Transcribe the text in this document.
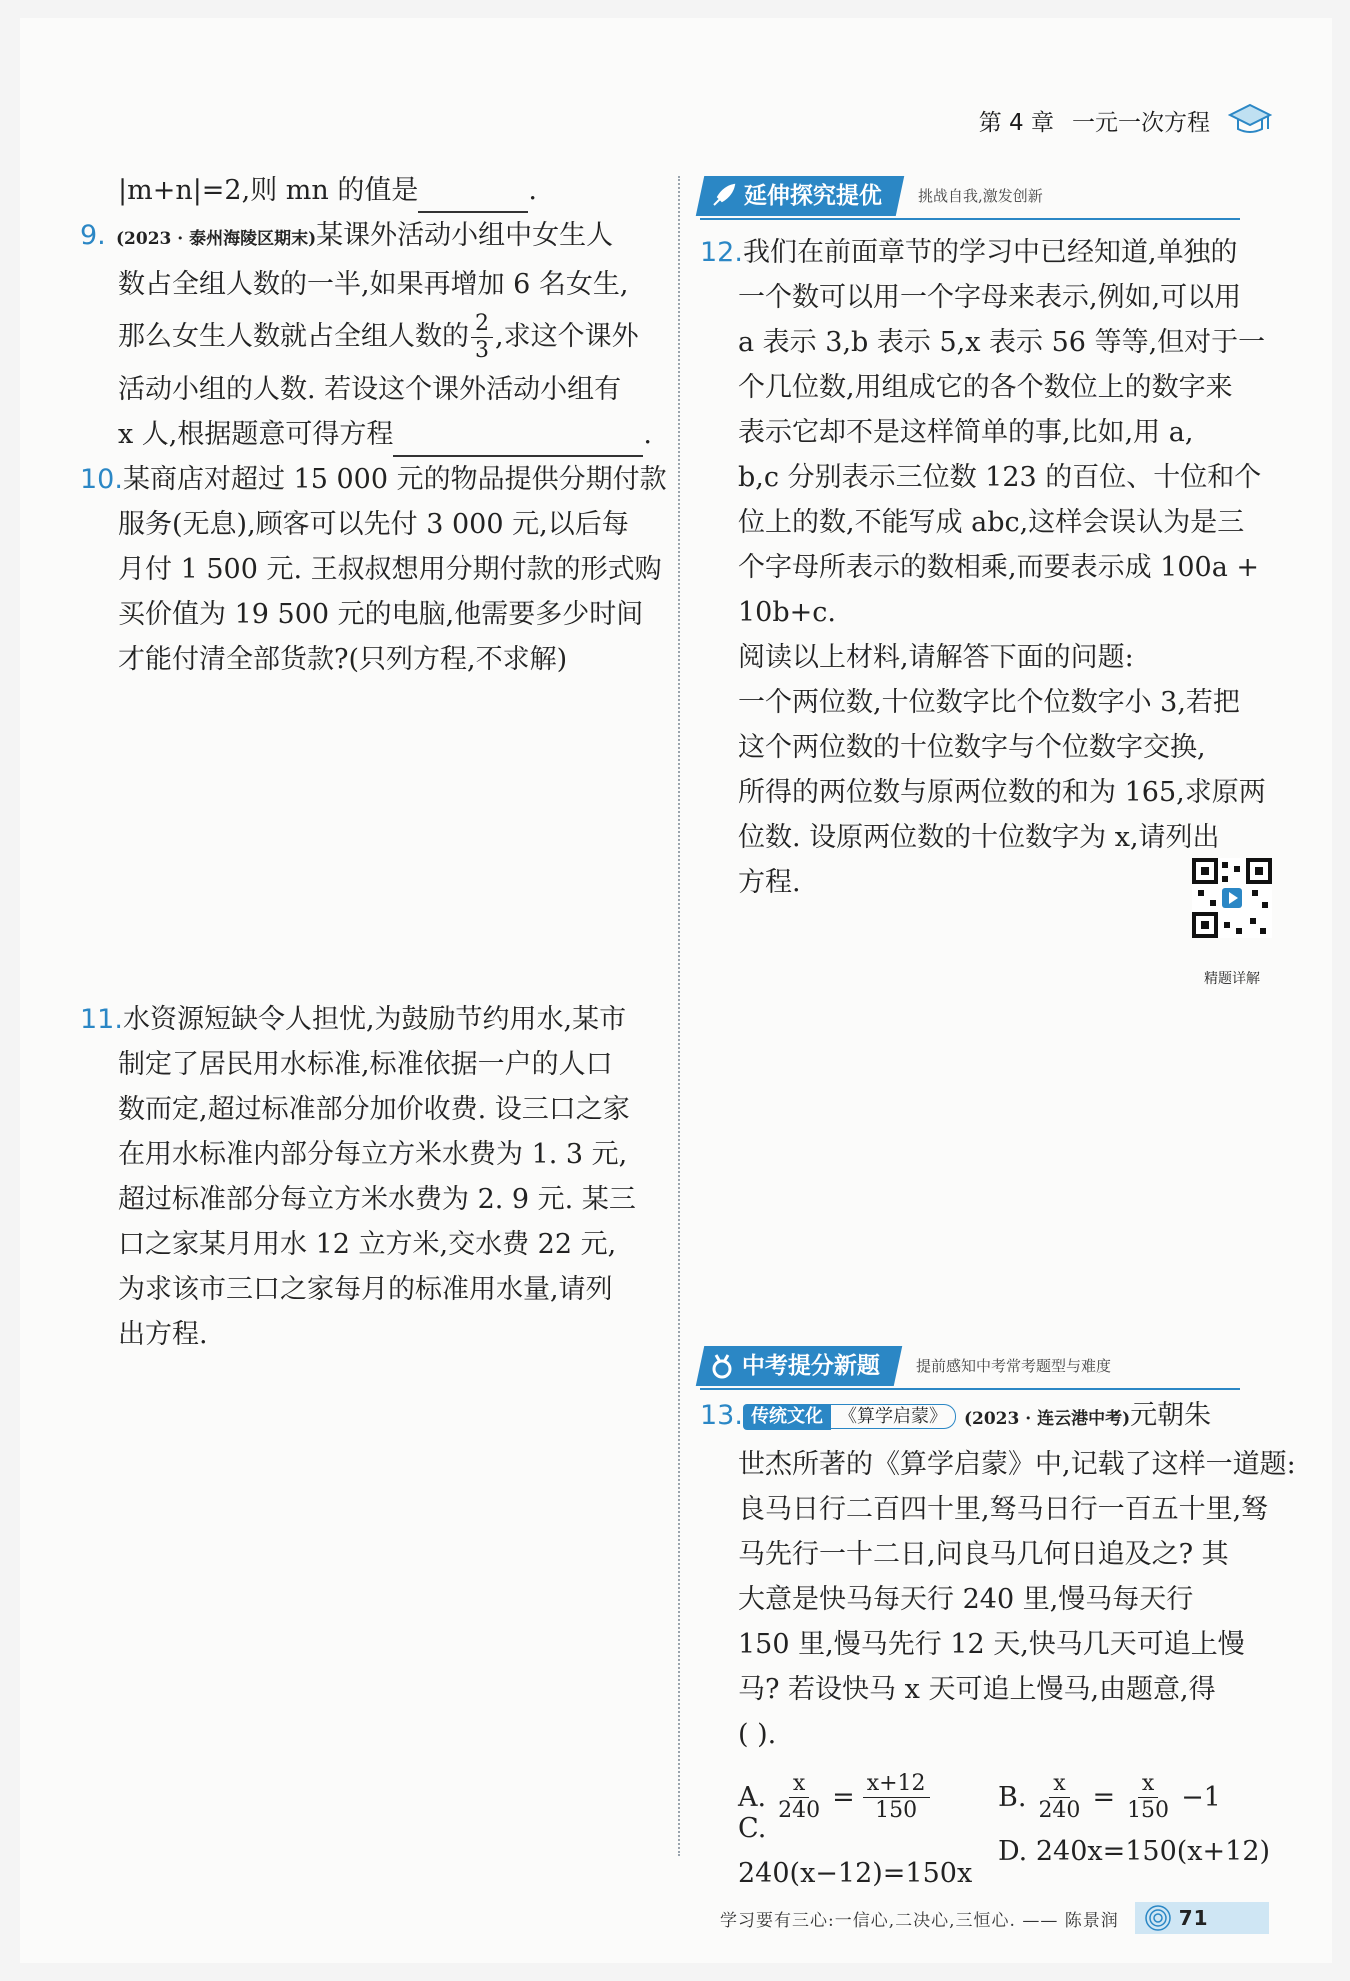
第 4 章 一元一次方程
|m+n|=2,则 mn 的值是	.
9. (2023 · 泰州海陵区期末)某课外活动小组中女生人
数占全组人数的一半,如果再增加 6 名女生,
那么女生人数就占全组人数的 $\frac{2}{3}$ ,求这个课外
活动小组的人数. 若设这个课外活动小组有
x 人,根据题意可得方程	.
10.某商店对超过 15 000 元的物品提供分期付款
服务(无息),顾客可以先付 3 000 元,以后每
月付 1 500 元. 王叔叔想用分期付款的形式购
买价值为 19 500 元的电脑,他需要多少时间
才能付清全部货款?(只列方程,不求解)
11.水资源短缺令人担忧,为鼓励节约用水,某市
制定了居民用水标准,标准依据一户的人口
数而定,超过标准部分加价收费. 设三口之家
在用水标准内部分每立方米水费为 1. 3 元,
超过标准部分每立方米水费为 2. 9 元. 某三
口之家某月用水 12 立方米,交水费 22 元,
为求该市三口之家每月的标准用水量,请列
出方程.
延伸探究提优 挑战自我,激发创新
12.我们在前面章节的学习中已经知道,单独的
一个数可以用一个字母来表示,例如,可以用
a 表示 3,b 表示 5,x 表示 56 等等,但对于一
个几位数,用组成它的各个数位上的数字来
表示它却不是这样简单的事,比如,用 a,
b,c 分别表示三位数 123 的百位、十位和个
位上的数,不能写成 abc,这样会误认为是三
个字母所表示的数相乘,而要表示成 100a +
10b+c.
阅读以上材料,请解答下面的问题:
一个两位数,十位数字比个位数字小 3,若把
这个两位数的十位数字与个位数字交换,
所得的两位数与原两位数的和为 165,求原两
位数. 设原两位数的十位数字为 x,请列出
方程.
精题详解
中考提分新题 提前感知中考常考题型与难度
13. 传统文化 《算学启蒙》 (2023 · 连云港中考)元朝朱
世杰所著的《算学启蒙》中,记载了这样一道题:
良马日行二百四十里,驽马日行一百五十里,驽
马先行一十二日,问良马几何日追及之? 其
大意是快马每天行 240 里,慢马每天行
150 里,慢马先行 12 天,快马几天可追上慢
马? 若设快马 x 天可追上慢马,由题意,得
( ).
A. $\frac{x}{240} = \frac{x+12}{150}$	B. $\frac{x}{240} = \frac{x}{150} -1$
C. 240(x−12)=150x
D. 240x=150(x+12)
学习要有三心:一信心,二决心,三恒心. —— 陈景润	71
